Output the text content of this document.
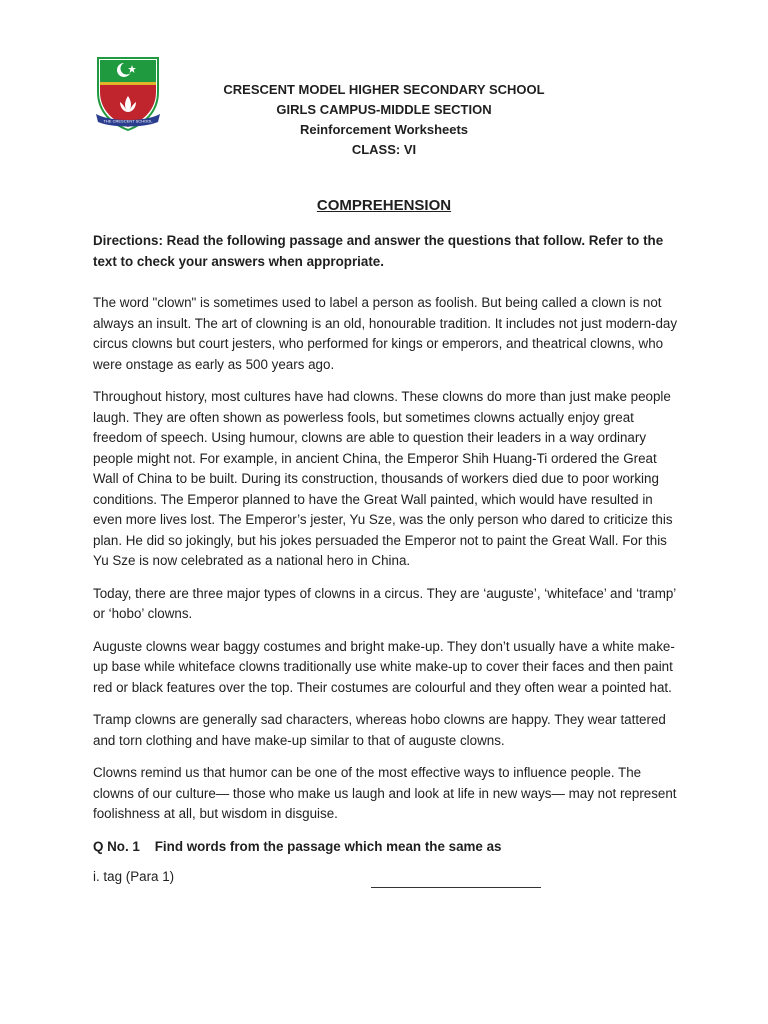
THE CRESCENT SCHOOL
CRESCENT MODEL HIGHER SECONDARY SCHOOL
GIRLS CAMPUS-MIDDLE SECTION
Reinforcement Worksheets
CLASS: VI
COMPREHENSION

Directions: Read the following passage and answer the questions that follow. Refer to the text to check your answers when appropriate.

The word "clown" is sometimes used to label a person as foolish. But being called a clown is not always an insult. The art of clowning is an old, honourable tradition. It includes not just modern-day circus clowns but court jesters, who performed for kings or emperors, and theatrical clowns, who were onstage as early as 500 years ago.

Throughout history, most cultures have had clowns. These clowns do more than just make people laugh. They are often shown as powerless fools, but sometimes clowns actually enjoy great freedom of speech. Using humour, clowns are able to question their leaders in a way ordinary people might not. For example, in ancient China, the Emperor Shih Huang-Ti ordered the Great Wall of China to be built. During its construction, thousands of workers died due to poor working conditions. The Emperor planned to have the Great Wall painted, which would have resulted in even more lives lost. The Emperor’s jester, Yu Sze, was the only person who dared to criticize this plan. He did so jokingly, but his jokes persuaded the Emperor not to paint the Great Wall. For this Yu Sze is now celebrated as a national hero in China.

Today, there are three major types of clowns in a circus. They are ‘auguste’, ‘whiteface’ and ‘tramp’ or ‘hobo’ clowns.

Auguste clowns wear baggy costumes and bright make-up. They don’t usually have a white make-up base while whiteface clowns traditionally use white make-up to cover their faces and then paint red or black features over the top. Their costumes are colourful and they often wear a pointed hat.

Tramp clowns are generally sad characters, whereas hobo clowns are happy. They wear tattered and torn clothing and have make-up similar to that of auguste clowns.

Clowns remind us that humor can be one of the most effective ways to influence people. The clowns of our culture— those who make us laugh and look at life in new ways— may not represent foolishness at all, but wisdom in disguise.

Q No. 1 Find words from the passage which mean the same as
i. tag (Para 1)
